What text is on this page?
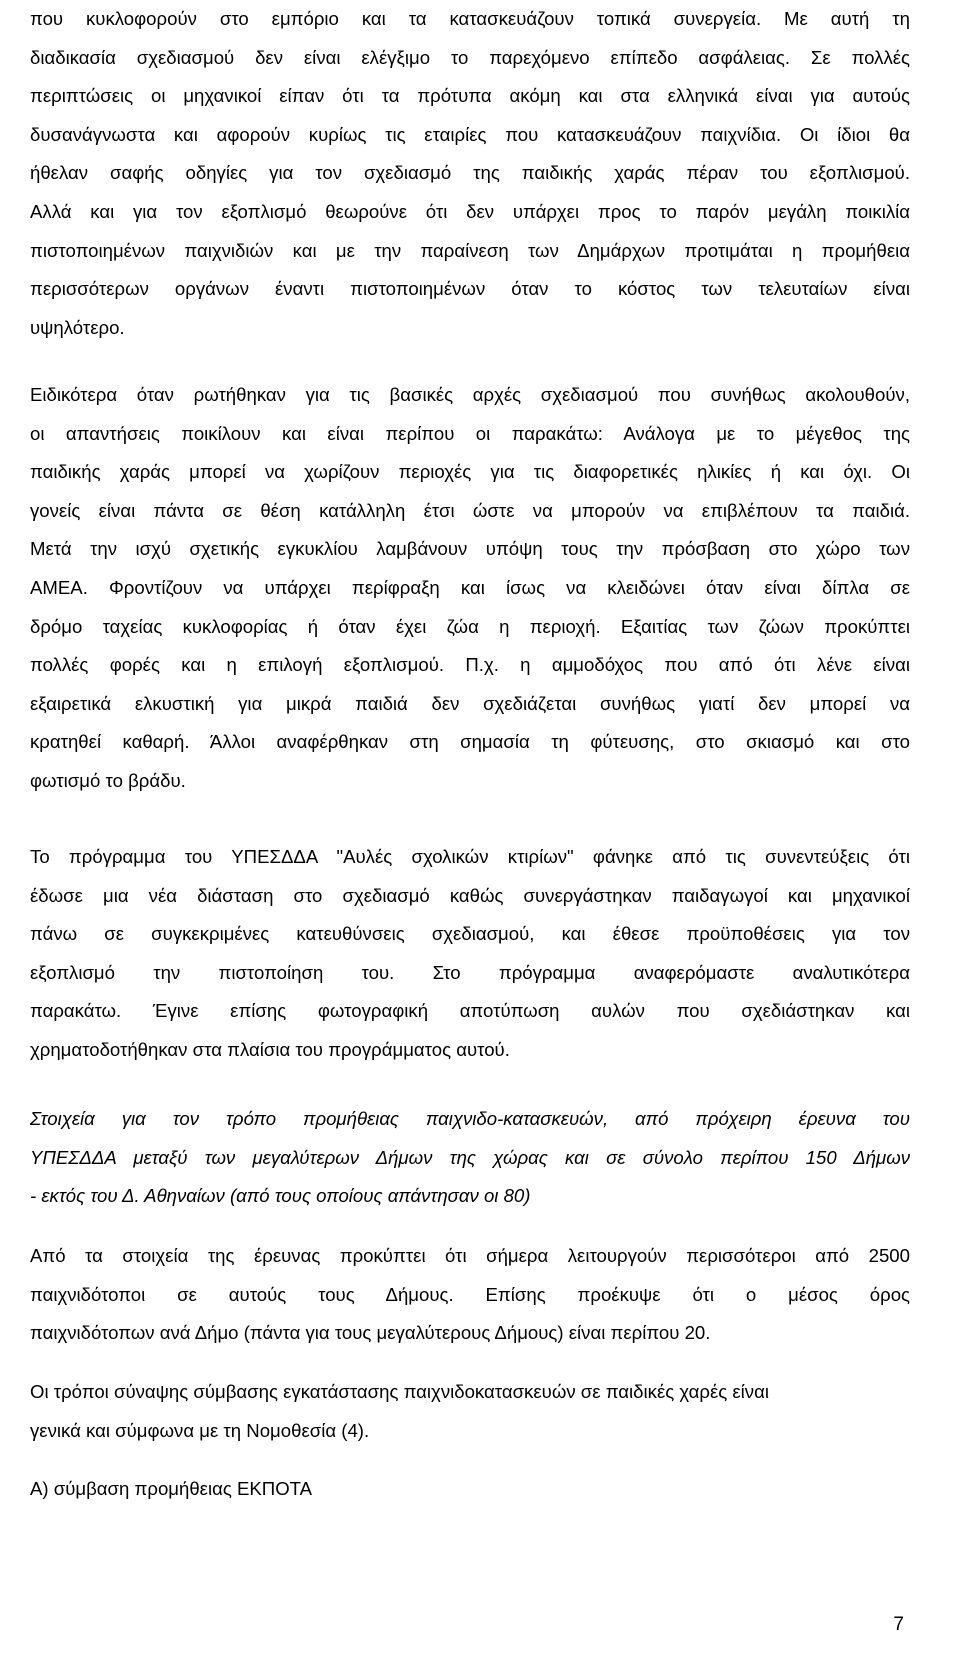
που κυκλοφορούν στο εμπόριο και τα κατασκευάζουν τοπικά συνεργεία. Με αυτή τη
διαδικασία σχεδιασμού δεν είναι ελέγξιμο το παρεχόμενο επίπεδο ασφάλειας. Σε πολλές
περιπτώσεις οι μηχανικοί είπαν ότι τα πρότυπα ακόμη και στα ελληνικά είναι για αυτούς
δυσανάγνωστα και αφορούν κυρίως τις εταιρίες που κατασκευάζουν παιχνίδια. Οι ίδιοι θα
ήθελαν σαφής οδηγίες για τον σχεδιασμό της παιδικής χαράς πέραν του εξοπλισμού.
Αλλά και για τον εξοπλισμό θεωρούνε ότι δεν υπάρχει προς το παρόν μεγάλη ποικιλία
πιστοποιημένων παιχνιδιών και με την παραίνεση των Δημάρχων προτιμάται η προμήθεια
περισσότερων οργάνων έναντι πιστοποιημένων όταν το κόστος των τελευταίων είναι
υψηλότερο.
Ειδικότερα όταν ρωτήθηκαν για τις βασικές αρχές σχεδιασμού που συνήθως ακολουθούν,
οι απαντήσεις ποικίλουν και είναι περίπου οι παρακάτω: Ανάλογα με το μέγεθος της
παιδικής χαράς μπορεί να χωρίζουν περιοχές για τις διαφορετικές ηλικίες ή και όχι. Οι
γονείς είναι πάντα σε θέση κατάλληλη έτσι ώστε να μπορούν να επιβλέπουν τα παιδιά.
Μετά την ισχύ σχετικής εγκυκλίου λαμβάνουν υπόψη τους την πρόσβαση στο χώρο των
ΑΜΕΑ. Φροντίζουν να υπάρχει περίφραξη και ίσως να κλειδώνει όταν είναι δίπλα σε
δρόμο ταχείας κυκλοφορίας ή όταν έχει ζώα η περιοχή. Εξαιτίας των ζώων προκύπτει
πολλές φορές και η επιλογή εξοπλισμού. Π.χ. η αμμοδόχος που από ότι λένε είναι
εξαιρετικά ελκυστική για μικρά παιδιά δεν σχεδιάζεται συνήθως γιατί δεν μπορεί να
κρατηθεί καθαρή. Άλλοι αναφέρθηκαν στη σημασία τη φύτευσης, στο σκιασμό και στο
φωτισμό το βράδυ.
Το πρόγραμμα του ΥΠΕΣΔΔΑ "Αυλές σχολικών κτιρίων" φάνηκε από τις συνεντεύξεις ότι
έδωσε μια νέα διάσταση στο σχεδιασμό καθώς συνεργάστηκαν παιδαγωγοί και μηχανικοί
πάνω σε συγκεκριμένες κατευθύνσεις σχεδιασμού, και έθεσε προϋποθέσεις για τον
εξοπλισμό την πιστοποίηση του. Στο πρόγραμμα αναφερόμαστε αναλυτικότερα
παρακάτω. Έγινε επίσης φωτογραφική αποτύπωση αυλών που σχεδιάστηκαν και
χρηματοδοτήθηκαν στα πλαίσια του προγράμματος αυτού.
Στοιχεία για τον τρόπο προμήθειας παιχνιδο-κατασκευών, από πρόχειρη έρευνα του
ΥΠΕΣΔΔΑ μεταξύ των μεγαλύτερων Δήμων της χώρας και σε σύνολο περίπου 150 Δήμων
- εκτός του Δ. Αθηναίων (από τους οποίους απάντησαν οι 80)
Από τα στοιχεία της έρευνας προκύπτει ότι σήμερα λειτουργούν περισσότεροι από 2500
παιχνιδότοποι σε αυτούς τους Δήμους. Επίσης προέκυψε ότι ο μέσος όρος
παιχνιδότοπων ανά Δήμο (πάντα για τους μεγαλύτερους Δήμους) είναι περίπου 20.
Οι τρόποι σύναψης σύμβασης εγκατάστασης παιχνιδοκατασκευών σε παιδικές χαρές είναι
γενικά και σύμφωνα με τη Νομοθεσία (4).
Α) σύμβαση προμήθειας ΕΚΠΟΤΑ
7
